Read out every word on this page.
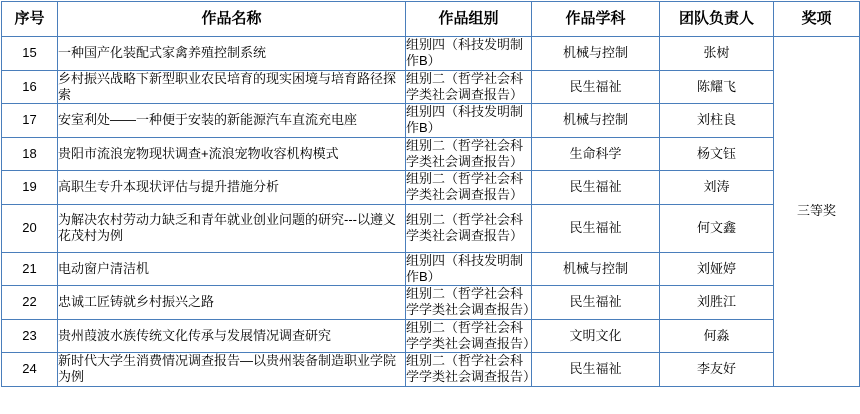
序号	作品名称	作品组别	作品学科	团队负责人	奖项
15	一种国产化装配式家禽养殖控制系统	组别四（科技发明制作B）	机械与控制	张树	三等奖
16	乡村振兴战略下新型职业农民培育的现实困境与培育路径探索	组别二（哲学社会科学类社会调查报告）	民生福祉	陈耀飞	
17	安室利处——一种便于安装的新能源汽车直流充电座	组别四（科技发明制作B）	机械与控制	刘柱良	
18	贵阳市流浪宠物现状调查+流浪宠物收容机构模式	组别二（哲学社会科学类社会调查报告）	生命科学	杨文钰	
19	高职生专升本现状评估与提升措施分析	组别二（哲学社会科学类社会调查报告）	民生福祉	刘涛	
20	为解决农村劳动力缺乏和青年就业创业问题的研究---以遵义花茂村为例	组别二（哲学社会科学类社会调查报告）	民生福祉	何文鑫	
21	电动窗户清洁机	组别四（科技发明制作B）	机械与控制	刘娅婷	
22	忠诚工匠铸就乡村振兴之路	组别二（哲学社会科学学类社会调查报告）	民生福祉	刘胜江	
23	贵州葭波水族传统文化传承与发展情况调查研究	组别二（哲学社会科学学类社会调查报告）	文明文化	何淼	
24	新时代大学生消费情况调查报告—以贵州装备制造职业学院为例	组别二（哲学社会科学学类社会调查报告）	民生福祉	李友好	
